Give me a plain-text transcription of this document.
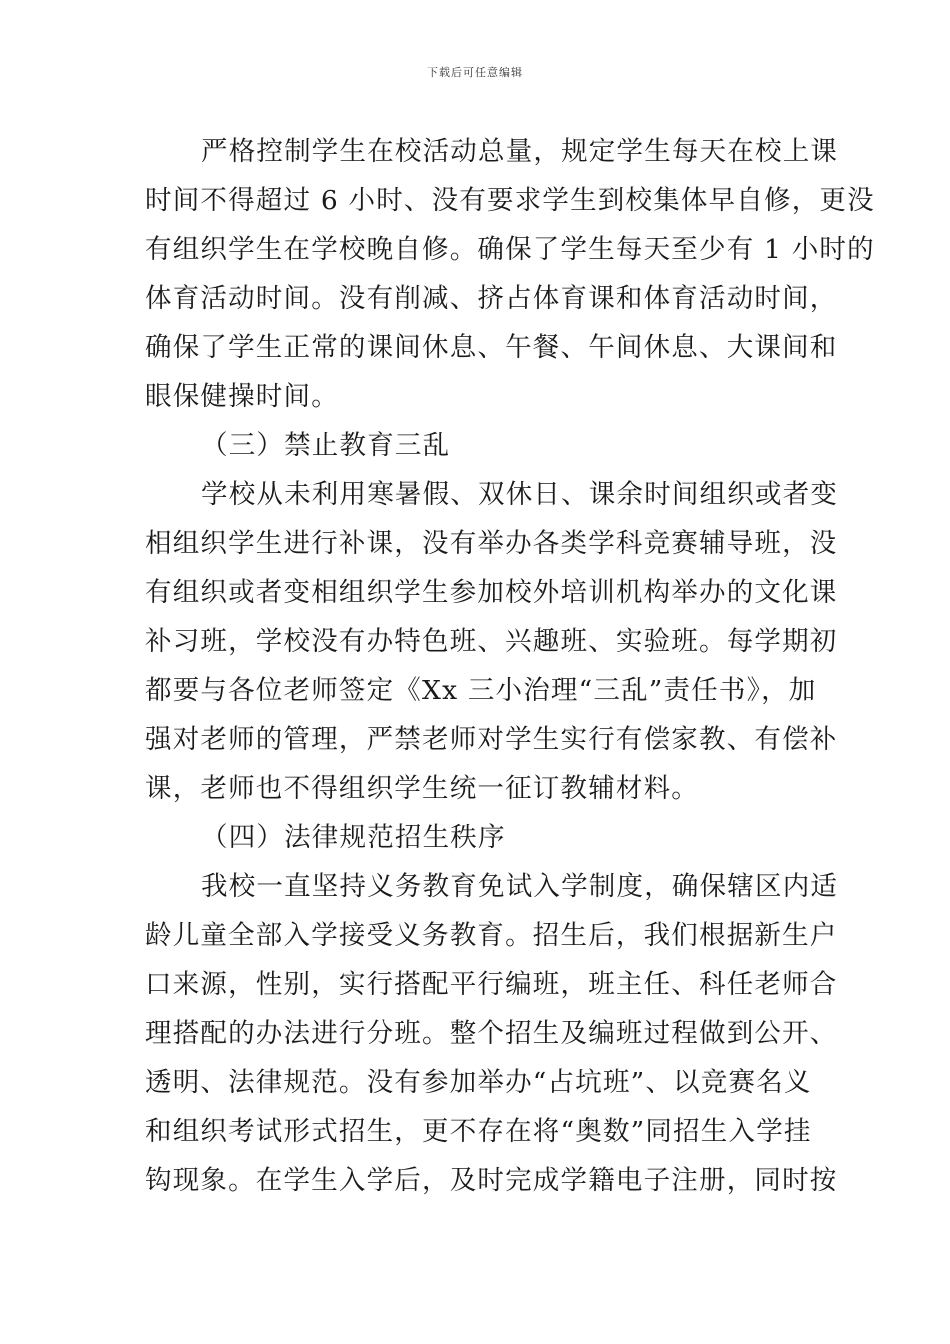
下载后可任意编辑
严格控制学生在校活动总量，规定学生每天在校上课
时间不得超过 6 小时、没有要求学生到校集体早自修，更没
有组织学生在学校晚自修。确保了学生每天至少有 1 小时的
体育活动时间。没有削减、挤占体育课和体育活动时间，
确保了学生正常的课间休息、午餐、午间休息、大课间和
眼保健操时间。
（三）禁止教育三乱
学校从未利用寒暑假、双休日、课余时间组织或者变
相组织学生进行补课，没有举办各类学科竞赛辅导班，没
有组织或者变相组织学生参加校外培训机构举办的文化课
补习班，学校没有办特色班、兴趣班、实验班。每学期初
都要与各位老师签定《Xx 三小治理“三乱”责任书》，加
强对老师的管理，严禁老师对学生实行有偿家教、有偿补
课，老师也不得组织学生统一征订教辅材料。
（四）法律规范招生秩序
我校一直坚持义务教育免试入学制度，确保辖区内适
龄儿童全部入学接受义务教育。招生后，我们根据新生户
口来源，性别，实行搭配平行编班，班主任、科任老师合
理搭配的办法进行分班。整个招生及编班过程做到公开、
透明、法律规范。没有参加举办“占坑班”、以竞赛名义
和组织考试形式招生，更不存在将“奥数”同招生入学挂
钩现象。在学生入学后，及时完成学籍电子注册，同时按
